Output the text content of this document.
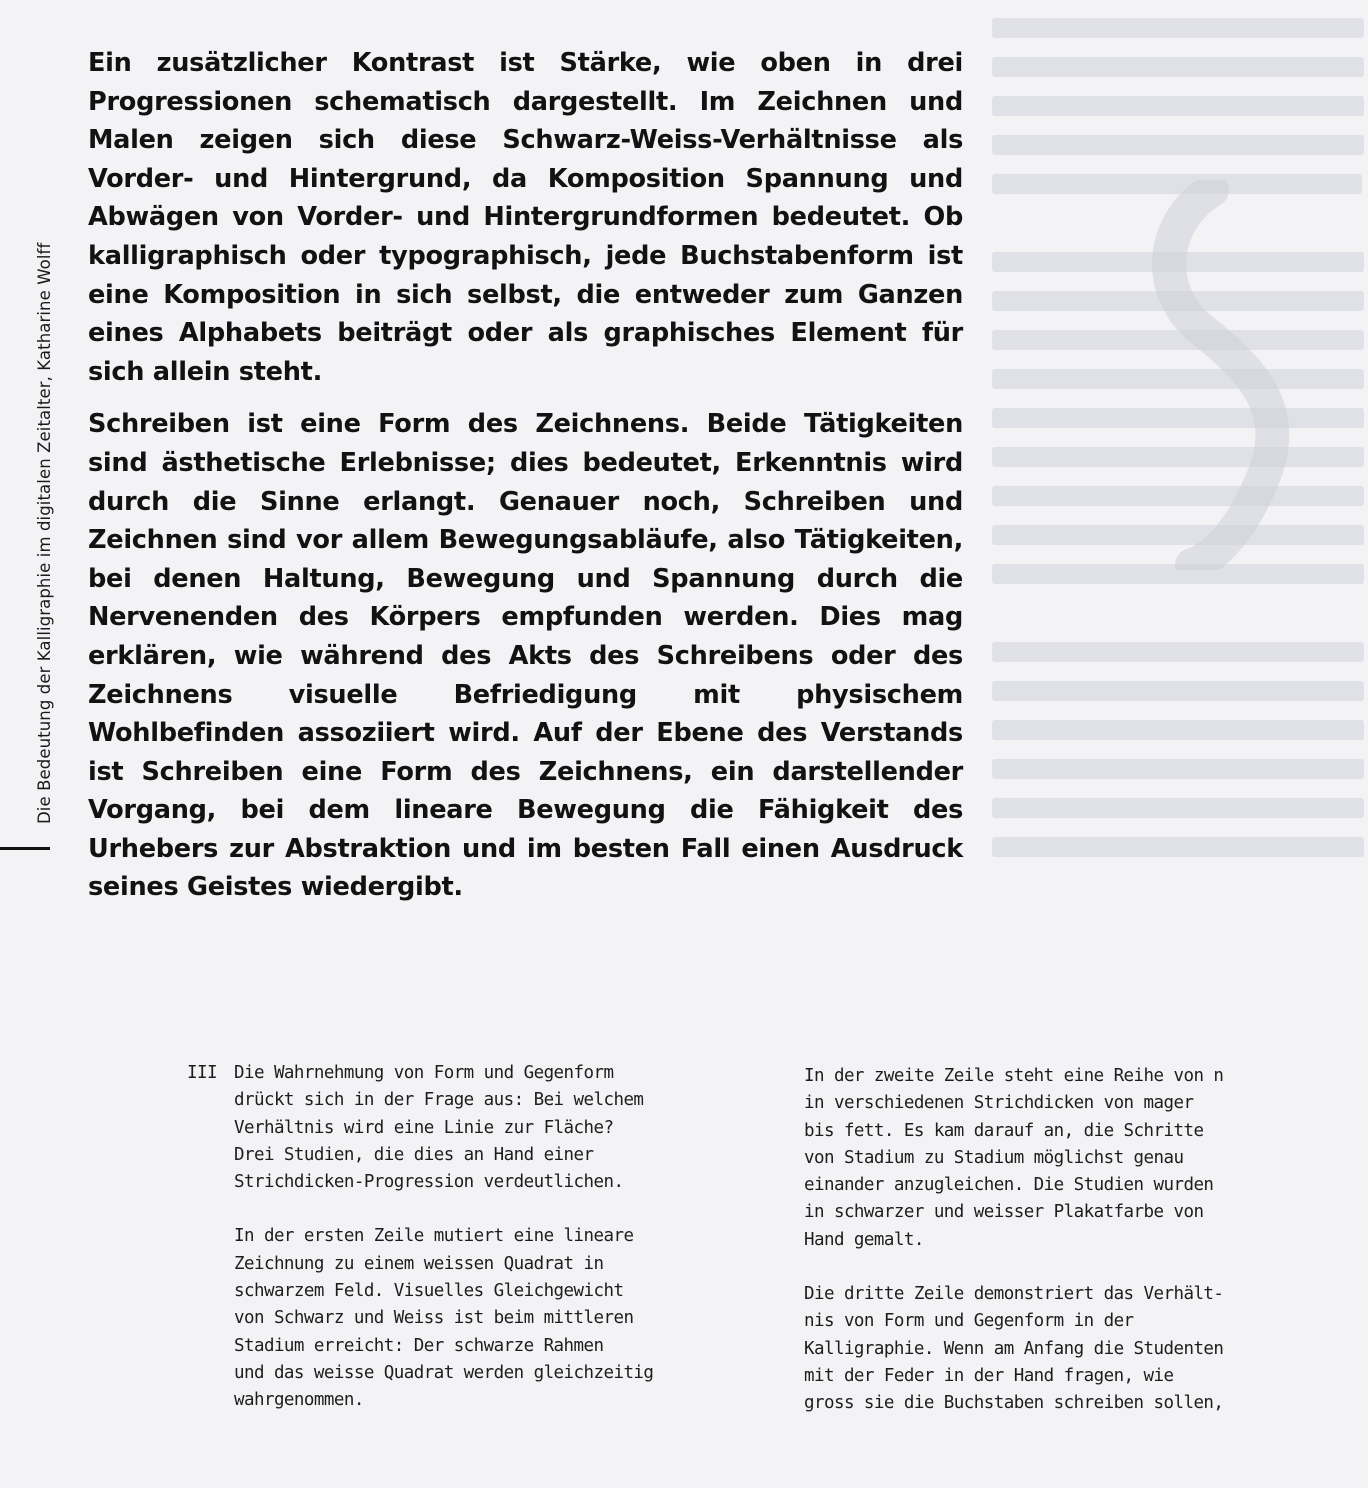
Die Bedeutung der Kalligraphie im digitalen Zeitalter, Katharine Wolff

Ein zusätzlicher Kontrast ist Stärke, wie oben in drei Progressionen schematisch dargestellt. Im Zeichnen und Malen zeigen sich diese Schwarz-Weiss-Verhältnisse als Vorder- und Hintergrund, da Komposition Spannung und Abwägen von Vorder- und Hintergrundformen bedeutet. Ob kalligraphisch oder typographisch, jede Buchstabenform ist eine Komposition in sich selbst, die entweder zum Ganzen eines Alphabets beiträgt oder als graphisches Element für sich allein steht.

Schreiben ist eine Form des Zeichnens. Beide Tätigkeiten sind ästhetische Erlebnisse; dies bedeutet, Erkenntnis wird durch die Sinne erlangt. Genauer noch, Schreiben und Zeichnen sind vor allem Bewegungsabläufe, also Tätigkeiten, bei denen Haltung, Bewegung und Spannung durch die Nervenenden des Körpers empfunden werden. Dies mag erklären, wie während des Akts des Schreibens oder des Zeichnens visuelle Befriedigung mit physischem Wohlbefinden assoziiert wird. Auf der Ebene des Verstands ist Schreiben eine Form des Zeichnens, ein darstellender Vorgang, bei dem lineare Bewegung die Fähigkeit des Urhebers zur Abstraktion und im besten Fall einen Ausdruck seines Geistes wiedergibt.

III Die Wahrnehmung von Form und Gegenform
drückt sich in der Frage aus: Bei welchem
Verhältnis wird eine Linie zur Fläche?
Drei Studien, die dies an Hand einer
Strichdicken-Progression verdeutlichen.

In der ersten Zeile mutiert eine lineare
Zeichnung zu einem weissen Quadrat in
schwarzem Feld. Visuelles Gleichgewicht
von Schwarz und Weiss ist beim mittleren
Stadium erreicht: Der schwarze Rahmen
und das weisse Quadrat werden gleichzeitig
wahrgenommen.

In der zweite Zeile steht eine Reihe von n
in verschiedenen Strichdicken von mager
bis fett. Es kam darauf an, die Schritte
von Stadium zu Stadium möglichst genau
einander anzugleichen. Die Studien wurden
in schwarzer und weisser Plakatfarbe von
Hand gemalt.

Die dritte Zeile demonstriert das Verhält-
nis von Form und Gegenform in der
Kalligraphie. Wenn am Anfang die Studenten
mit der Feder in der Hand fragen, wie
gross sie die Buchstaben schreiben sollen,
